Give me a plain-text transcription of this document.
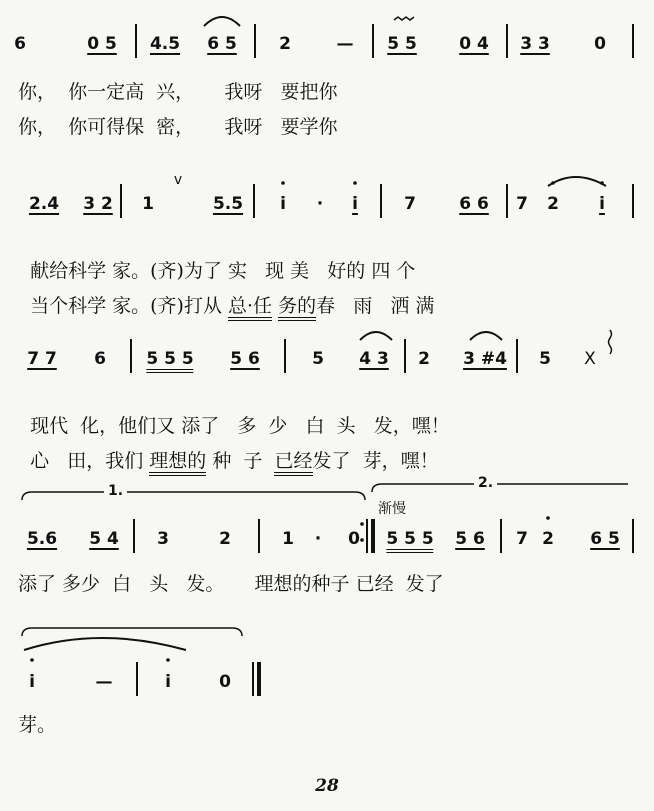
6	0 5 4.5 6 5 2	— 5 5 0 4 3 3	0
你，  你一定高  兴，     我呀   要把你
你，  你可得保  密，     我呀   要学你
2.4 3 2 1
v
5.5 i · i	7	6 6 7 2 i

献给科学 家。(齐)为了 实   现 美   好的 四 个

当个科学 家。(齐)打从 总·任 务的春   雨   洒 满

7 7 6 5 5 5 5 6	5 4 3 2 3 #4 5 X

现代  化，他们又 添了   多  少   白  头   发，嘿！

心   田，我们 理想的 种  子  已经发了  芽，嘿！

1.	2.
渐慢
5.6 5 4 3	2	1 · 0 5 5 5 5 6 7 2 6 5
添了 多少  白   头   发。     理想的种子 已经  发了
i	—	i	0
芽。
28
